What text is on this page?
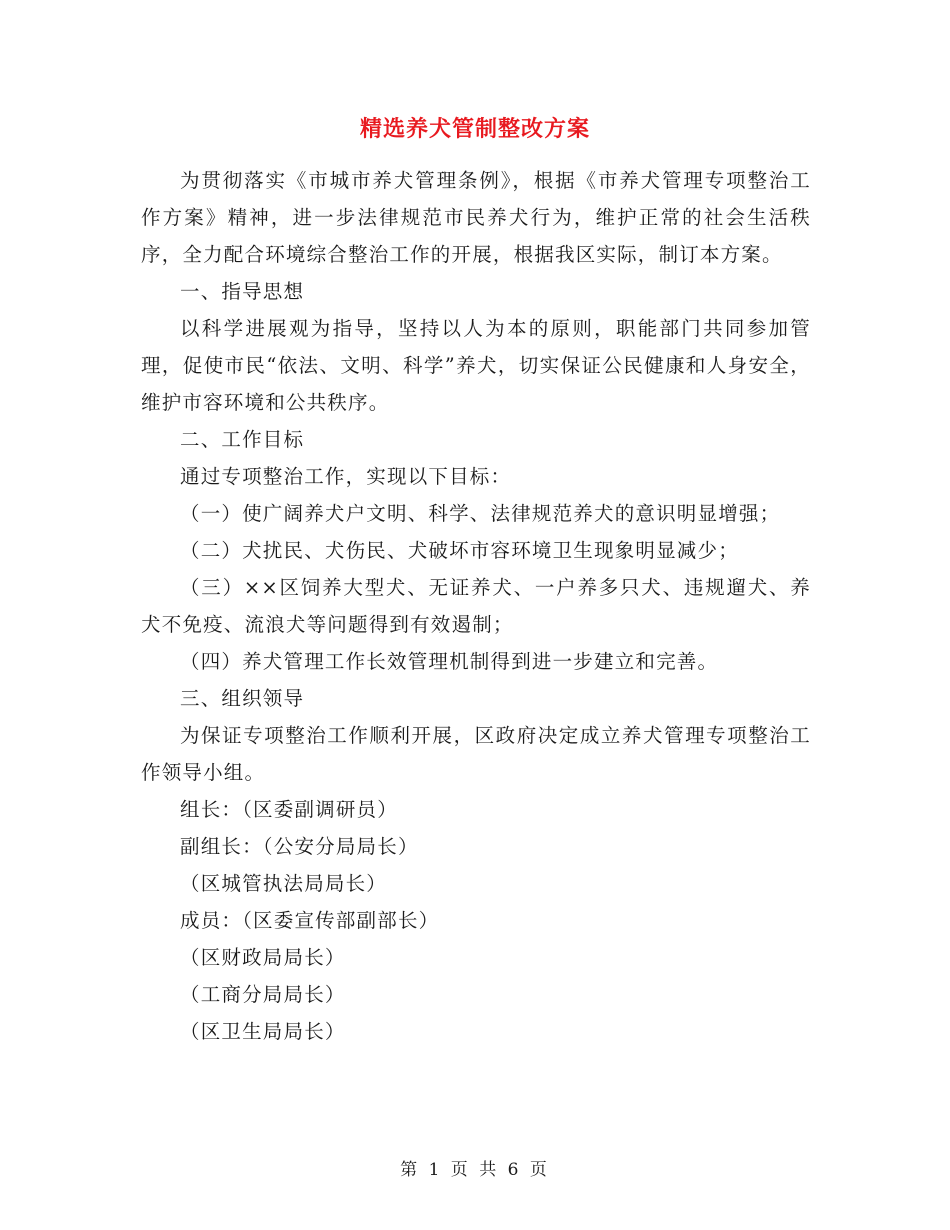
精选养犬管制整改方案

为贯彻落实《市城市养犬管理条例》，根据《市养犬管理专项整治工作方案》精神，进一步法律规范市民养犬行为，维护正常的社会生活秩序，全力配合环境综合整治工作的开展，根据我区实际，制订本方案。

一、指导思想

以科学进展观为指导，坚持以人为本的原则，职能部门共同参加管理，促使市民“依法、文明、科学”养犬，切实保证公民健康和人身安全，维护市容环境和公共秩序。

二、工作目标

通过专项整治工作，实现以下目标：

（一）使广阔养犬户文明、科学、法律规范养犬的意识明显增强；

（二）犬扰民、犬伤民、犬破坏市容环境卫生现象明显减少；

（三）××区饲养大型犬、无证养犬、一户养多只犬、违规遛犬、养犬不免疫、流浪犬等问题得到有效遏制；

（四）养犬管理工作长效管理机制得到进一步建立和完善。

三、组织领导

为保证专项整治工作顺利开展，区政府决定成立养犬管理专项整治工作领导小组。

组长：（区委副调研员）

副组长：（公安分局局长）

（区城管执法局局长）

成员：（区委宣传部副部长）

（区财政局局长）

（工商分局局长）

（区卫生局局长）

第 1 页 共 6 页
